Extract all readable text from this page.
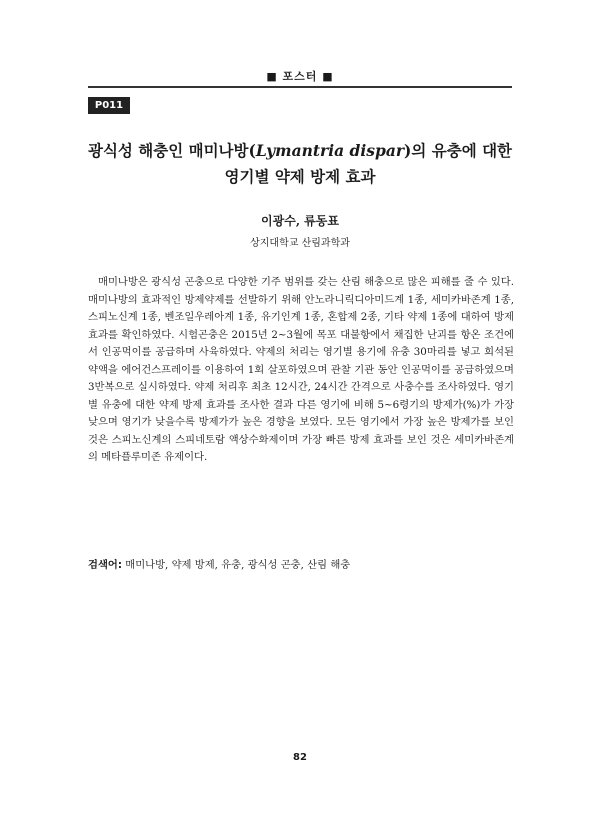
■ 포스터 ■
P011
광식성 해충인 매미나방(Lymantria dispar)의 유충에 대한
영기별 약제 방제 효과
이광수, 류동표
상지대학교 산림과학과

매미나방은 광식성 곤충으로 다양한 기주 범위를 갖는 산림 해충으로 많은 피해를 줄 수 있다. 매미나방의 효과적인 방제약제를 선발하기 위해 안노라니릭디아미드계 1종, 세미카바존계 1종, 스피노신계 1종, 벤조일우레아계 1종, 유기인계 1종, 혼합제 2종, 기타 약제 1종에 대하여 방제 효과를 확인하였다. 시험곤충은 2015년 2~3월에 목포 대불항에서 채집한 난괴를 항온 조건에서 인공먹이를 공급하며 사육하였다. 약제의 처리는 영기별 용기에 유충 30마리를 넣고 희석된 약액을 에어건스프레이를 이용하여 1회 살포하였으며 관찰 기관 동안 인공먹이를 공급하였으며 3반복으로 실시하였다. 약제 처리후 최초 12시간, 24시간 간격으로 사충수를 조사하였다. 영기별 유충에 대한 약제 방제 효과를 조사한 결과 다른 영기에 비해 5~6령기의 방제가(%)가 가장 낮으며 영기가 낮을수록 방제가가 높은 경향을 보였다. 모든 영기에서 가장 높은 방제가를 보인 것은 스피노신계의 스피네토람 액상수화제이며 가장 빠른 방제 효과를 보인 것은 세미카바존계의 메타플루미존 유제이다.

검색어: 매미나방, 약제 방제, 유충, 광식성 곤충, 산림 해충
82
